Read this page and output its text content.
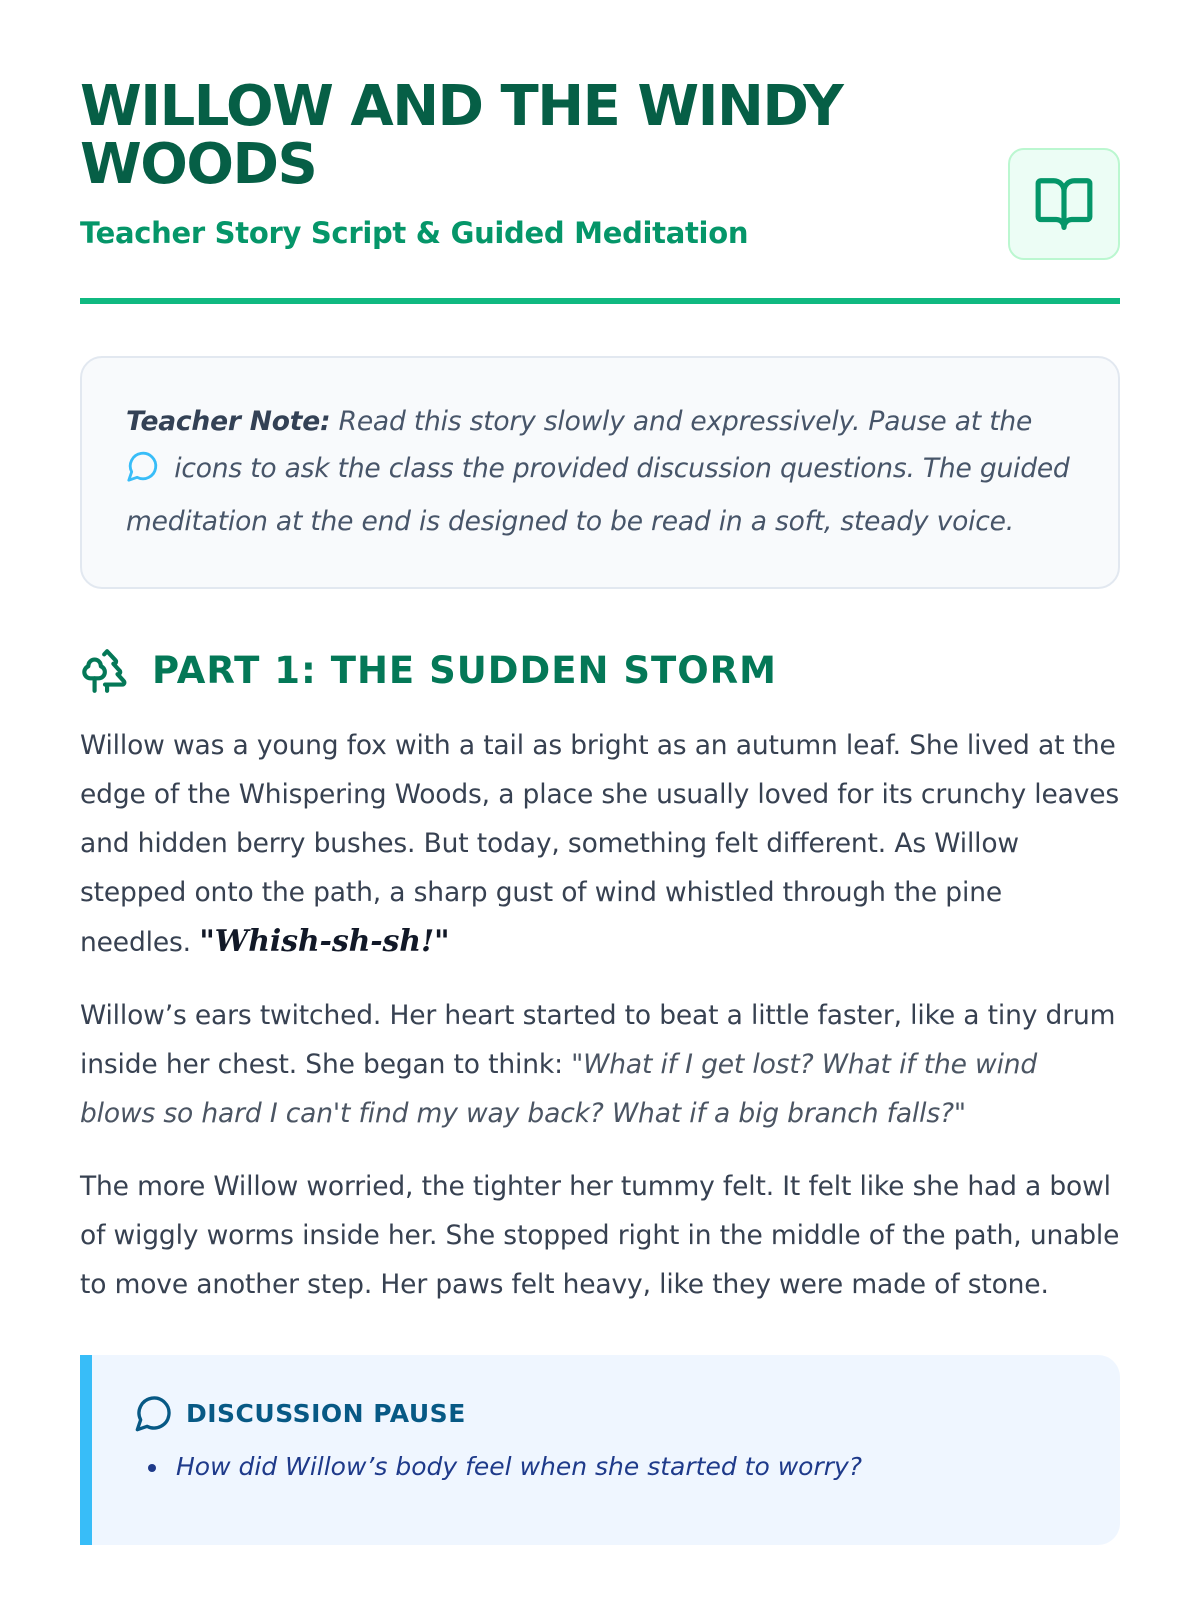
WILLOW AND THE WINDY WOODS
Teacher Story Script & Guided Meditation
Teacher Note: Read this story slowly and expressively. Pause at the  icons to ask the class the provided discussion questions. The guided meditation at the end is designed to be read in a soft, steady voice.
PART 1: THE SUDDEN STORM

Willow was a young fox with a tail as bright as an autumn leaf. She lived at the edge of the Whispering Woods, a place she usually loved for its crunchy leaves and hidden berry bushes. But today, something felt different. As Willow stepped onto the path, a sharp gust of wind whistled through the pine needles. "Whish-sh-sh!"

Willow’s ears twitched. Her heart started to beat a little faster, like a tiny drum inside her chest. She began to think: "What if I get lost? What if the wind blows so hard I can't find my way back? What if a big branch falls?"

The more Willow worried, the tighter her tummy felt. It felt like she had a bowl of wiggly worms inside her. She stopped right in the middle of the path, unable to move another step. Her paws felt heavy, like they were made of stone.

DISCUSSION PAUSE
How did Willow’s body feel when she started to worry?
